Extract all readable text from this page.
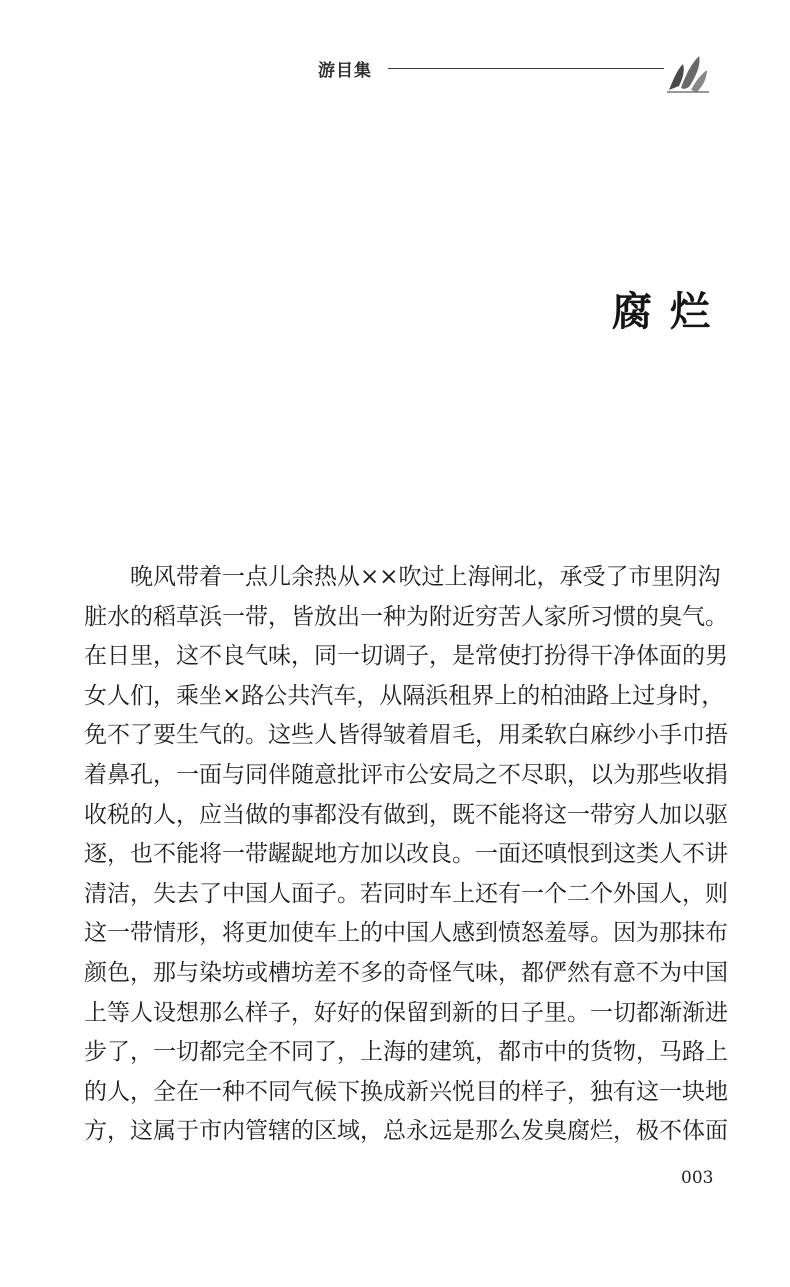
游目集
腐烂
　　晚风带着一点儿余热从××吹过上海闸北，承受了市里阴沟
脏水的稻草浜一带，皆放出一种为附近穷苦人家所习惯的臭气。
在日里，这不良气味，同一切调子，是常使打扮得干净体面的男
女人们，乘坐×路公共汽车，从隔浜租界上的柏油路上过身时，
免不了要生气的。这些人皆得皱着眉毛，用柔软白麻纱小手巾捂
着鼻孔，一面与同伴随意批评市公安局之不尽职，以为那些收捐
收税的人，应当做的事都没有做到，既不能将这一带穷人加以驱
逐，也不能将一带龌龊地方加以改良。一面还嗔恨到这类人不讲
清洁，失去了中国人面子。若同时车上还有一个二个外国人，则
这一带情形，将更加使车上的中国人感到愤怒羞辱。因为那抹布
颜色，那与染坊或槽坊差不多的奇怪气味，都俨然有意不为中国
上等人设想那么样子，好好的保留到新的日子里。一切都渐渐进
步了，一切都完全不同了，上海的建筑，都市中的货物，马路上
的人，全在一种不同气候下换成新兴悦目的样子，独有这一块地
方，这属于市内管辖的区域，总永远是那么发臭腐烂，极不体面
003
